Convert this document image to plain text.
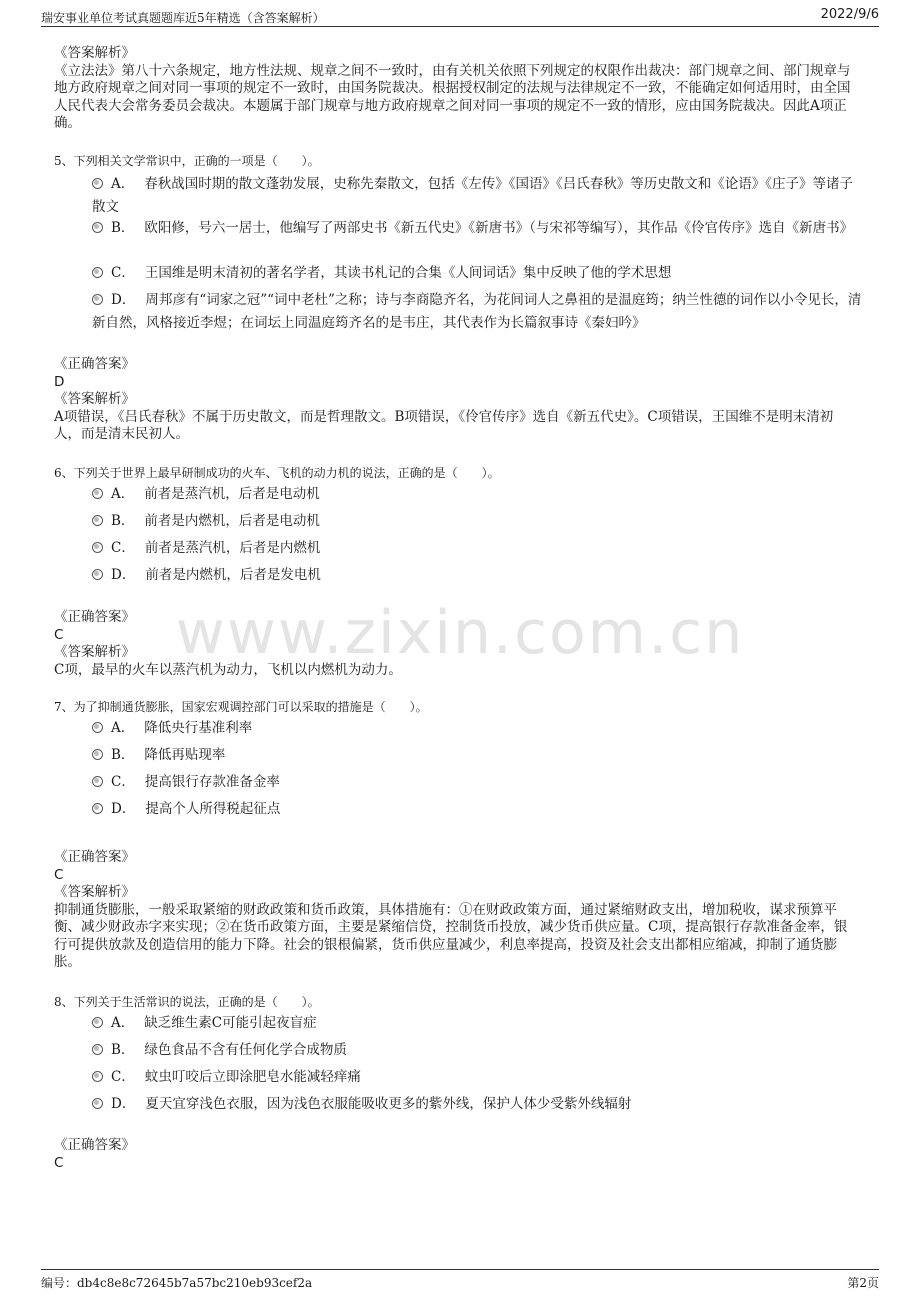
瑞安事业单位考试真题题库近5年精选（含答案解析）	2022/9/6
www.zixin.com.cn

《答案解析》

《立法法》第八十六条规定，地方性法规、规章之间不一致时，由有关机关依照下列规定的权限作出裁决：部门规章之间、部门规章与地方政府规章之间对同一事项的规定不一致时，由国务院裁决。根据授权制定的法规与法律规定不一致，不能确定如何适用时，由全国人民代表大会常务委员会裁决。本题属于部门规章与地方政府规章之间对同一事项的规定不一致的情形，应由国务院裁决。因此A项正确。

5、下列相关文学常识中，正确的一项是（　　）。
A． 春秋战国时期的散文蓬勃发展，史称先秦散文，包括《左传》《国语》《吕氏春秋》等历史散文和《论语》《庄子》等诸子散文
B． 欧阳修，号六一居士，他编写了两部史书《新五代史》《新唐书》（与宋祁等编写），其作品《伶官传序》选自《新唐书》
C． 王国维是明末清初的著名学者，其读书札记的合集《人间词话》集中反映了他的学术思想
D． 周邦彦有“词家之冠”“词中老杜”之称；诗与李商隐齐名，为花间词人之鼻祖的是温庭筠；纳兰性德的词作以小令见长，清新自然，风格接近李煜；在词坛上同温庭筠齐名的是韦庄，其代表作为长篇叙事诗《秦妇吟》

《正确答案》

D

《答案解析》

A项错误，《吕氏春秋》不属于历史散文，而是哲理散文。B项错误，《伶官传序》选自《新五代史》。C项错误，王国维不是明末清初人，而是清末民初人。

6、下列关于世界上最早研制成功的火车、飞机的动力机的说法，正确的是（　　）。
A． 前者是蒸汽机，后者是电动机
B． 前者是内燃机，后者是电动机
C． 前者是蒸汽机，后者是内燃机
D． 前者是内燃机，后者是发电机

《正确答案》

C

《答案解析》

C项，最早的火车以蒸汽机为动力，飞机以内燃机为动力。

7、为了抑制通货膨胀，国家宏观调控部门可以采取的措施是（　　）。
A． 降低央行基准利率
B． 降低再贴现率
C． 提高银行存款准备金率
D． 提高个人所得税起征点

《正确答案》

C

《答案解析》

抑制通货膨胀，一般采取紧缩的财政政策和货币政策，具体措施有：①在财政政策方面，通过紧缩财政支出，增加税收，谋求预算平衡、减少财政赤字来实现；②在货币政策方面，主要是紧缩信贷，控制货币投放，减少货币供应量。C项，提高银行存款准备金率，银行可提供放款及创造信用的能力下降。社会的银根偏紧，货币供应量减少，利息率提高，投资及社会支出都相应缩减，抑制了通货膨胀。

8、下列关于生活常识的说法，正确的是（　　）。
A． 缺乏维生素C可能引起夜盲症
B． 绿色食品不含有任何化学合成物质
C． 蚊虫叮咬后立即涂肥皂水能减轻痒痛
D． 夏天宜穿浅色衣服，因为浅色衣服能吸收更多的紫外线，保护人体少受紫外线辐射

《正确答案》

C

编号：db4c8e8c72645b7a57bc210eb93cef2a	第2页
